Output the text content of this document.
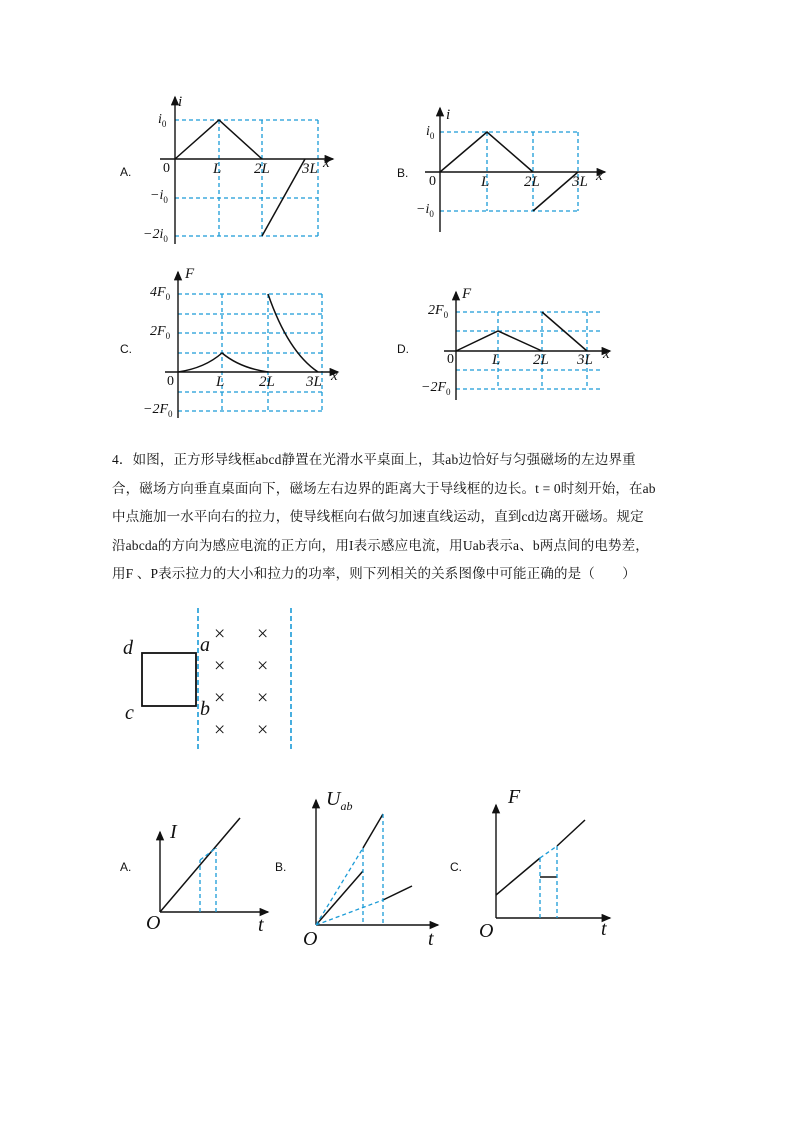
A.
i
$i_0$
0
$-i_0$
$-2i_0$
L 2L 3L x
B.
i
$i_0$
0
$-i_0$
L 2L 3L x
C.
F
$4F_0$
$2F_0$
0
$-2F_0$
L 2L 3L x
D.
F
$2F_0$
0
$-2F_0$
L 2L 3L x

4．如图，正方形导线框abcd静置在光滑水平桌面上，其ab边恰好与匀强磁场的左边界重

合，磁场方向垂直桌面向下，磁场左右边界的距离大于导线框的边长。t = 0时刻开始，在ab

中点施加一水平向右的拉力，使导线框向右做匀加速直线运动，直到cd边离开磁场。规定

沿abcda的方向为感应电流的正方向，用I表示感应电流，用Uab表示a、b两点间的电势差，

用F 、P表示拉力的大小和拉力的功率，则下列相关的关系图像中可能正确的是（　　）

d	a
c	b
×
×
×
×
×
×
×
×
A.
I
O	t
B.
$U_{ab}$
O	t
C.
F
O	t
